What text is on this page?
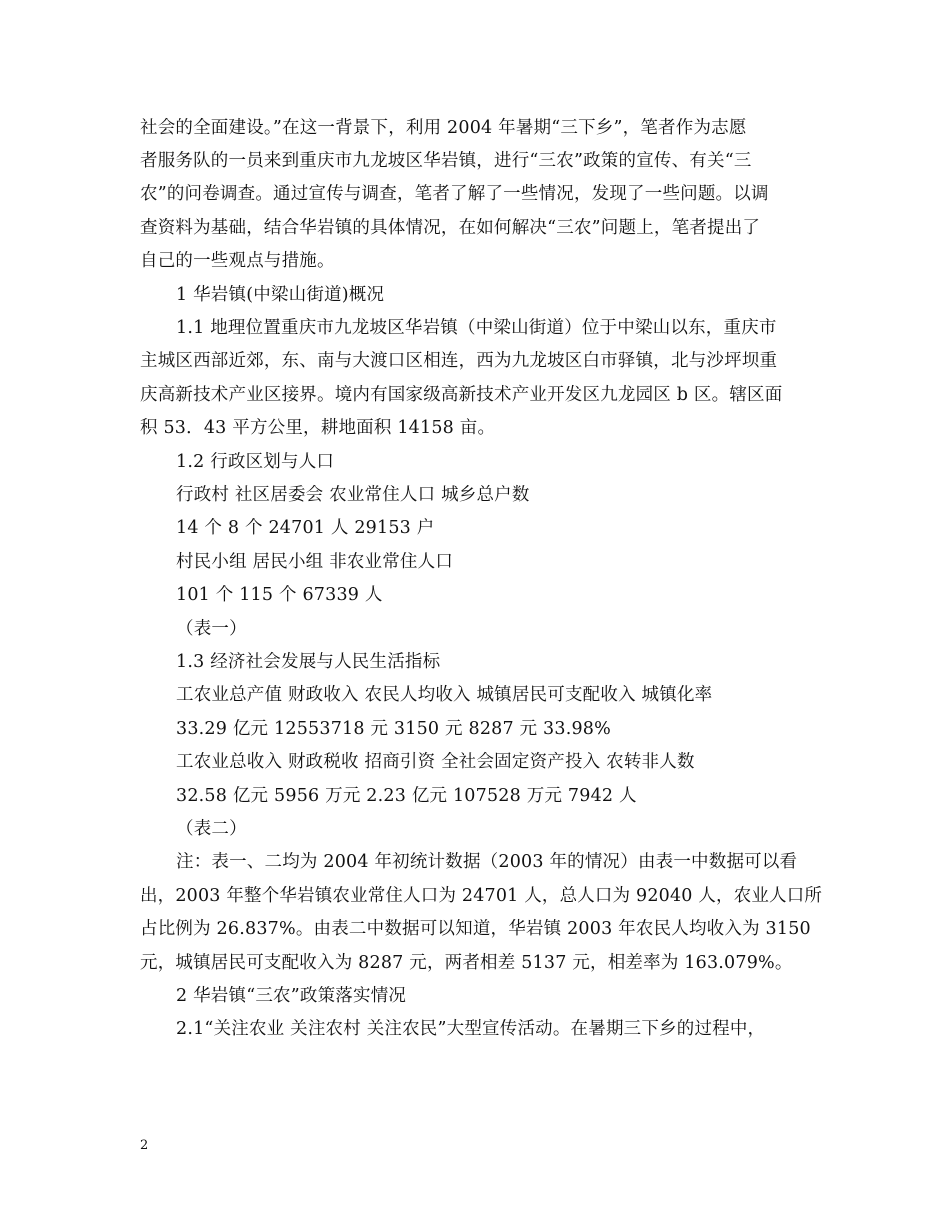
社会的全面建设。”在这一背景下，利用 2004 年暑期“三下乡”，笔者作为志愿
者服务队的一员来到重庆市九龙坡区华岩镇，进行“三农”政策的宣传、有关“三
农”的问卷调查。通过宣传与调查，笔者了解了一些情况，发现了一些问题。以调
查资料为基础，结合华岩镇的具体情况，在如何解决“三农”问题上，笔者提出了
自己的一些观点与措施。
1 华岩镇(中梁山街道)概况
1.1 地理位置重庆市九龙坡区华岩镇（中梁山街道）位于中梁山以东，重庆市
主城区西部近郊，东、南与大渡口区相连，西为九龙坡区白市驿镇，北与沙坪坝重
庆高新技术产业区接界。境内有国家级高新技术产业开发区九龙园区 b 区。辖区面
积 53．43 平方公里，耕地面积 14158 亩。
1.2 行政区划与人口
行政村 社区居委会 农业常住人口 城乡总户数
14 个 8 个 24701 人 29153 户
村民小组 居民小组 非农业常住人口
101 个 115 个 67339 人
（表一）
1.3 经济社会发展与人民生活指标
工农业总产值 财政收入 农民人均收入 城镇居民可支配收入 城镇化率
33.29 亿元 12553718 元 3150 元 8287 元 33.98%
工农业总收入 财政税收 招商引资 全社会固定资产投入 农转非人数
32.58 亿元 5956 万元 2.23 亿元 107528 万元 7942 人
（表二）
注：表一、二均为 2004 年初统计数据（2003 年的情况）由表一中数据可以看
出，2003 年整个华岩镇农业常住人口为 24701 人，总人口为 92040 人，农业人口所
占比例为 26.837%。由表二中数据可以知道，华岩镇 2003 年农民人均收入为 3150
元，城镇居民可支配收入为 8287 元，两者相差 5137 元，相差率为 163.079%。
2 华岩镇“三农”政策落实情况
2.1“关注农业 关注农村 关注农民”大型宣传活动。在暑期三下乡的过程中，
2
